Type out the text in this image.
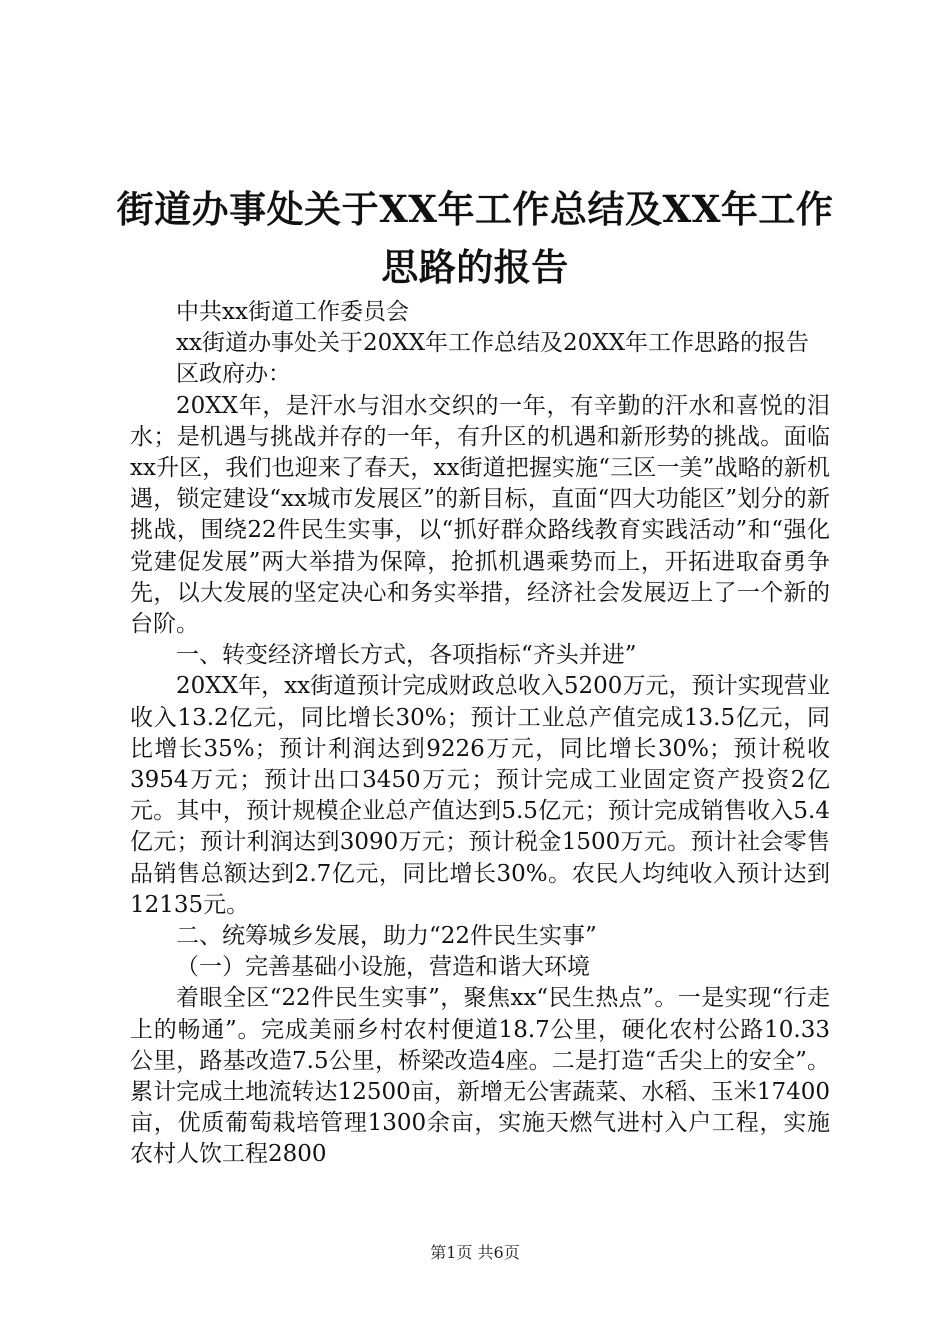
街道办事处关于XX年工作总结及XX年工作思路的报告

中共xx街道工作委员会

xx街道办事处关于20XX年工作总结及20XX年工作思路的报告

区政府办：

20XX年，是汗水与泪水交织的一年，有辛勤的汗水和喜悦的泪水；是机遇与挑战并存的一年，有升区的机遇和新形势的挑战。面临xx升区，我们也迎来了春天，xx街道把握实施“三区一美”战略的新机遇，锁定建设“xx城市发展区”的新目标，直面“四大功能区”划分的新挑战，围绕22件民生实事，以“抓好群众路线教育实践活动”和“强化党建促发展”两大举措为保障，抢抓机遇乘势而上，开拓进取奋勇争先，以大发展的坚定决心和务实举措，经济社会发展迈上了一个新的台阶。

一、转变经济增长方式，各项指标“齐头并进”

20XX年，xx街道预计完成财政总收入5200万元，预计实现营业收入13.2亿元，同比增长30%；预计工业总产值完成13.5亿元，同比增长35%；预计利润达到9226万元，同比增长30%；预计税收3954万元；预计出口3450万元；预计完成工业固定资产投资2亿元。其中，预计规模企业总产值达到5.5亿元；预计完成销售收入5.4亿元；预计利润达到3090万元；预计税金1500万元。预计社会零售品销售总额达到2.7亿元，同比增长30%。农民人均纯收入预计达到12135元。

二、统筹城乡发展，助力“22件民生实事”

（一）完善基础小设施，营造和谐大环境

着眼全区“22件民生实事”，聚焦xx“民生热点”。一是实现“行走上的畅通”。完成美丽乡村农村便道18.7公里，硬化农村公路10.33公里，路基改造7.5公里，桥梁改造4座。二是打造“舌尖上的安全”。累计完成土地流转达12500亩，新增无公害蔬菜、水稻、玉米17400亩，优质葡萄栽培管理1300余亩，实施天燃气进村入户工程，实施农村人饮工程2800

第1页 共6页
